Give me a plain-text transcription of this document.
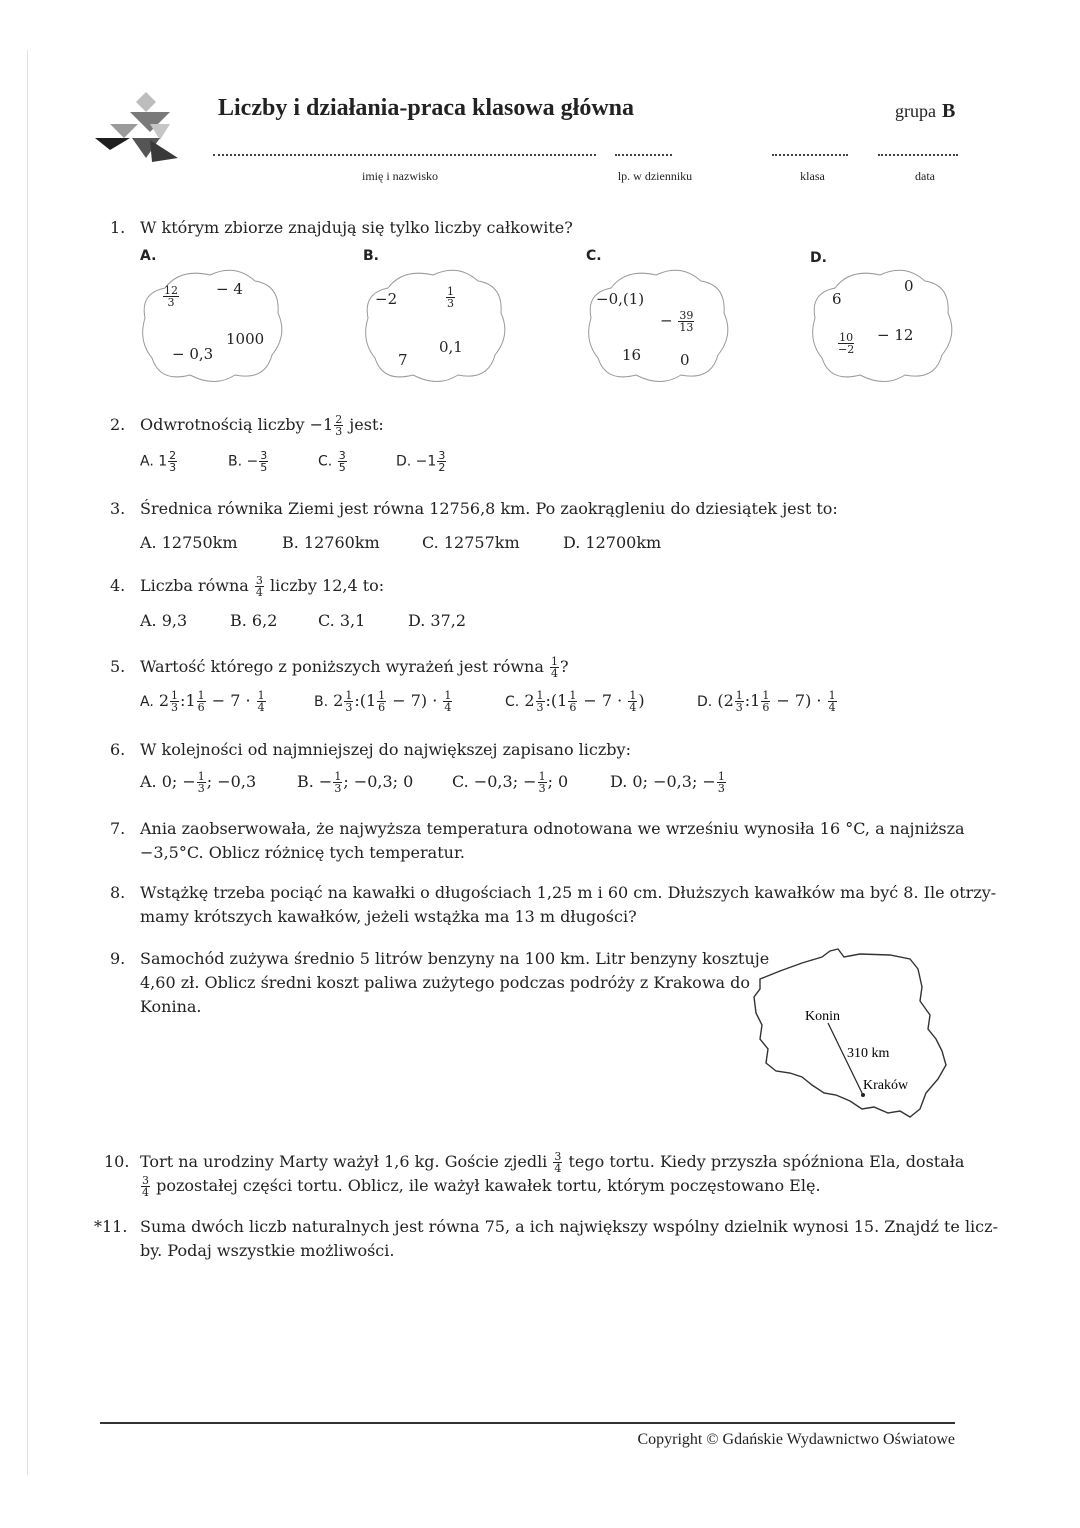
Liczby i działania-praca klasowa główna	grupa B
imię i nazwisko	lp. w dzienniku	klasa	data
1. W którym zbiorze znajdują się tylko liczby całkowite?
A.
$\frac{12}{3} - 4$
1000
− 0,3
B.
−2	$\frac{1}{3}$
0,1
7
C.
−0,(1)
− $\frac{39}{13}$
16	0
D.
0
6
− 12
$\frac{10}{-2}$
2. Odwrotnością liczby $-1 \frac{2}{3}$ jest:
A. $1 \frac{2}{3}$	B. − $\frac{3}{5}$	C. $\frac{3}{5}$	D. $-1 \frac{3}{2}$
3. Średnica równika Ziemi jest równa 12756,8 km. Po zaokrągleniu do dziesiątek jest to:
A. 12750km	B. 12760km	C. 12757km	D. 12700km
4. Liczba równa $\frac{3}{4}$ liczby 12,4 to:
A. 9,3	B. 6,2	C. 3,1	D. 37,2
5. Wartość którego z poniższych wyrażeń jest równa $\frac{1}{4}$ ?
A. $2 \frac{1}{3}$ :1 $\frac{1}{6} - 7 \cdot \frac{1}{4}$	B. $2 \frac{1}{3}$ :(1 $\frac{1}{6} - 7) \cdot \frac{1}{4}$	C. $2 \frac{1}{3}$ :(1 $\frac{1}{6} - 7 \cdot \frac{1}{4}$ )	D. ($2 \frac{1}{3}$ :1 $\frac{1}{6} - 7) \cdot \frac{1}{4}$
6. W kolejności od najmniejszej do największej zapisano liczby:
A. 0; − $\frac{1}{3}$ ; −0,3	B. − $\frac{1}{3}$ ; −0,3; 0 C. −0,3; − $\frac{1}{3}$ ; 0	D. 0; −0,3; − $\frac{1}{3}$
7. Ania zaobserwowała, że najwyższa temperatura odnotowana we wrześniu wynosiła 16 °C, a najniższa
−3,5°C. Oblicz różnicę tych temperatur.
8. Wstążkę trzeba pociąć na kawałki o długościach 1,25 m i 60 cm. Dłuższych kawałków ma być 8. Ile otrzy-
mamy krótszych kawałków, jeżeli wstążka ma 13 m długości?
9. Samochód zużywa średnio 5 litrów benzyny na 100 km. Litr benzyny kosztuje
4,60 zł. Oblicz średni koszt paliwa zużytego podczas podróży z Krakowa do
Konina.
Konin
310 km
Kraków
10. Tort na urodziny Marty ważył 1,6 kg. Goście zjedli $\frac{3}{4}$ tego tortu. Kiedy przyszła spóźniona Ela, dostała
$\frac{3}{4}$ pozostałej części tortu. Oblicz, ile ważył kawałek tortu, którym poczęstowano Elę.
*11. Suma dwóch liczb naturalnych jest równa 75, a ich największy wspólny dzielnik wynosi 15. Znajdź te licz-
by. Podaj wszystkie możliwości.
Copyright © Gdańskie Wydawnictwo Oświatowe
